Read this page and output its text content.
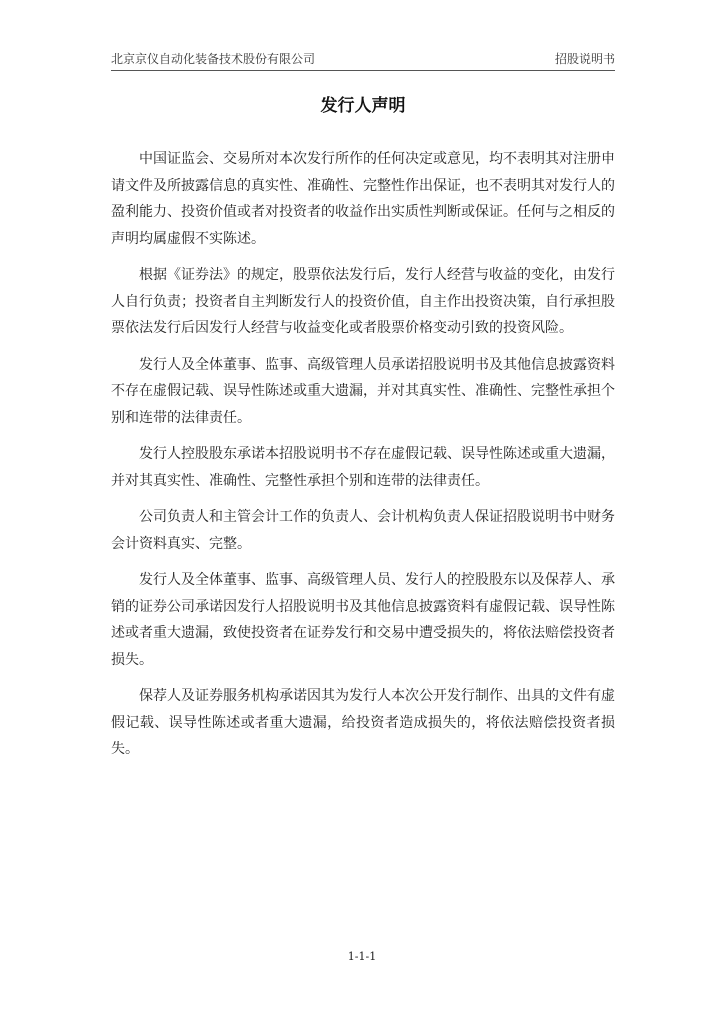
北京京仪自动化装备技术股份有限公司	招股说明书
发行人声明

中国证监会、交易所对本次发行所作的任何决定或意见，均不表明其对注册申请文件及所披露信息的真实性、准确性、完整性作出保证，也不表明其对发行人的盈利能力、投资价值或者对投资者的收益作出实质性判断或保证。任何与之相反的声明均属虚假不实陈述。

根据《证券法》的规定，股票依法发行后，发行人经营与收益的变化，由发行人自行负责；投资者自主判断发行人的投资价值，自主作出投资决策，自行承担股票依法发行后因发行人经营与收益变化或者股票价格变动引致的投资风险。

发行人及全体董事、监事、高级管理人员承诺招股说明书及其他信息披露资料不存在虚假记载、误导性陈述或重大遗漏，并对其真实性、准确性、完整性承担个别和连带的法律责任。

发行人控股股东承诺本招股说明书不存在虚假记载、误导性陈述或重大遗漏，并对其真实性、准确性、完整性承担个别和连带的法律责任。

公司负责人和主管会计工作的负责人、会计机构负责人保证招股说明书中财务会计资料真实、完整。

发行人及全体董事、监事、高级管理人员、发行人的控股股东以及保荐人、承销的证券公司承诺因发行人招股说明书及其他信息披露资料有虚假记载、误导性陈述或者重大遗漏，致使投资者在证券发行和交易中遭受损失的，将依法赔偿投资者损失。

保荐人及证券服务机构承诺因其为发行人本次公开发行制作、出具的文件有虚假记载、误导性陈述或者重大遗漏，给投资者造成损失的，将依法赔偿投资者损失。

1-1-1
